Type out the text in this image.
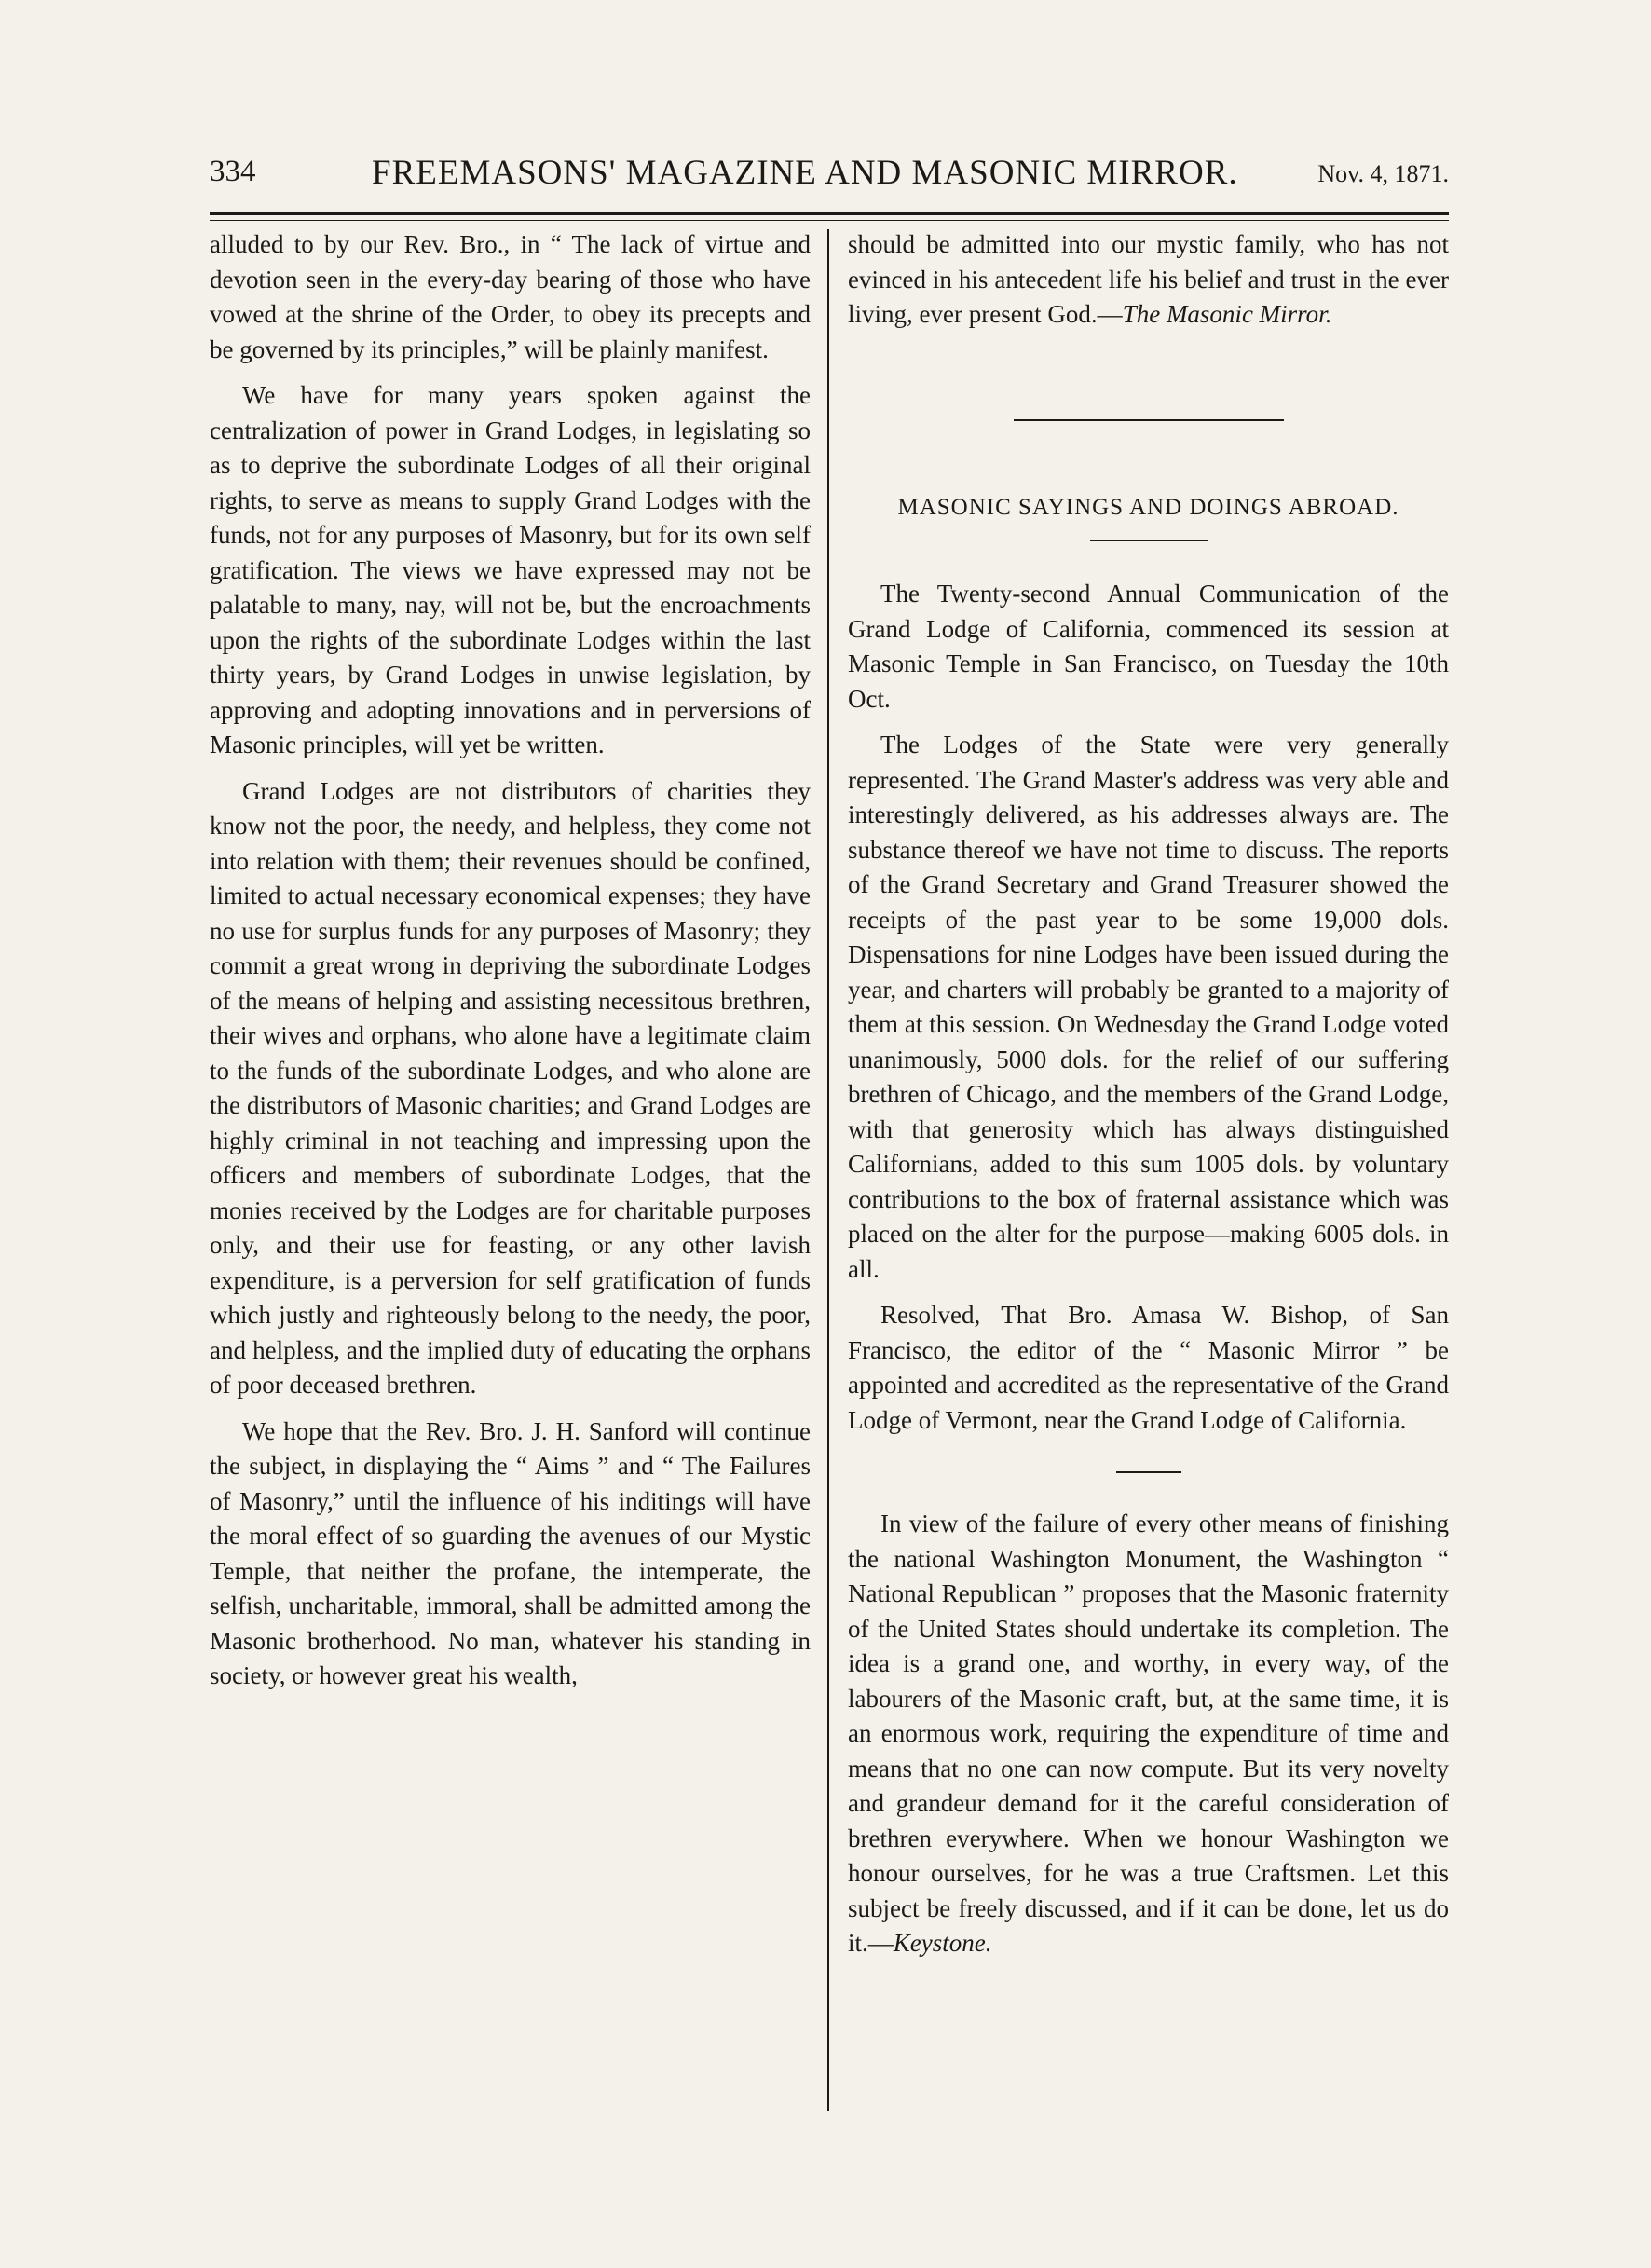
334	FREEMASONS' MAGAZINE AND MASONIC MIRROR.	Nov. 4, 1871.

alluded to by our Rev. Bro., in “ The lack of virtue and devotion seen in the every-day bearing of those who have vowed at the shrine of the Order, to obey its precepts and be governed by its principles,” will be plainly manifest.

We have for many years spoken against the centralization of power in Grand Lodges, in legislating so as to deprive the subordinate Lodges of all their original rights, to serve as means to supply Grand Lodges with the funds, not for any purposes of Masonry, but for its own self gratification. The views we have expressed may not be palatable to many, nay, will not be, but the encroachments upon the rights of the subordinate Lodges within the last thirty years, by Grand Lodges in unwise legislation, by approving and adopting innovations and in perversions of Masonic principles, will yet be written.

Grand Lodges are not distributors of charities they know not the poor, the needy, and helpless, they come not into relation with them; their revenues should be confined, limited to actual necessary economical expenses; they have no use for surplus funds for any purposes of Masonry; they commit a great wrong in depriving the subordinate Lodges of the means of helping and assisting necessitous brethren, their wives and orphans, who alone have a legitimate claim to the funds of the subordinate Lodges, and who alone are the distributors of Masonic charities; and Grand Lodges are highly criminal in not teaching and impressing upon the officers and members of subordinate Lodges, that the monies received by the Lodges are for charitable purposes only, and their use for feasting, or any other lavish expenditure, is a perversion for self gratification of funds which justly and righteously belong to the needy, the poor, and helpless, and the implied duty of educating the orphans of poor deceased brethren.

We hope that the Rev. Bro. J. H. Sanford will continue the subject, in displaying the “ Aims ” and “ The Failures of Masonry,” until the influence of his inditings will have the moral effect of so guarding the avenues of our Mystic Temple, that neither the profane, the intemperate, the selfish, uncharitable, immoral, shall be admitted among the Masonic brotherhood. No man, whatever his standing in society, or however great his wealth,

should be admitted into our mystic family, who has not evinced in his antecedent life his belief and trust in the ever living, ever present God.—The Masonic Mirror.

MASONIC SAYINGS AND DOINGS ABROAD.

The Twenty-second Annual Communication of the Grand Lodge of California, commenced its session at Masonic Temple in San Francisco, on Tuesday the 10th Oct.

The Lodges of the State were very generally represented. The Grand Master's address was very able and interestingly delivered, as his addresses always are. The substance thereof we have not time to discuss. The reports of the Grand Secretary and Grand Treasurer showed the receipts of the past year to be some 19,000 dols. Dispensations for nine Lodges have been issued during the year, and charters will probably be granted to a majority of them at this session. On Wednesday the Grand Lodge voted unanimously, 5000 dols. for the relief of our suffering brethren of Chicago, and the members of the Grand Lodge, with that generosity which has always distinguished Californians, added to this sum 1005 dols. by voluntary contributions to the box of fraternal assistance which was placed on the alter for the purpose—making 6005 dols. in all.

Resolved, That Bro. Amasa W. Bishop, of San Francisco, the editor of the “ Masonic Mirror ” be appointed and accredited as the representative of the Grand Lodge of Vermont, near the Grand Lodge of California.

In view of the failure of every other means of finishing the national Washington Monument, the Washington “ National Republican ” proposes that the Masonic fraternity of the United States should undertake its completion. The idea is a grand one, and worthy, in every way, of the labourers of the Masonic craft, but, at the same time, it is an enormous work, requiring the expenditure of time and means that no one can now compute. But its very novelty and grandeur demand for it the careful consideration of brethren everywhere. When we honour Washington we honour ourselves, for he was a true Craftsmen. Let this subject be freely discussed, and if it can be done, let us do it.—Keystone.
